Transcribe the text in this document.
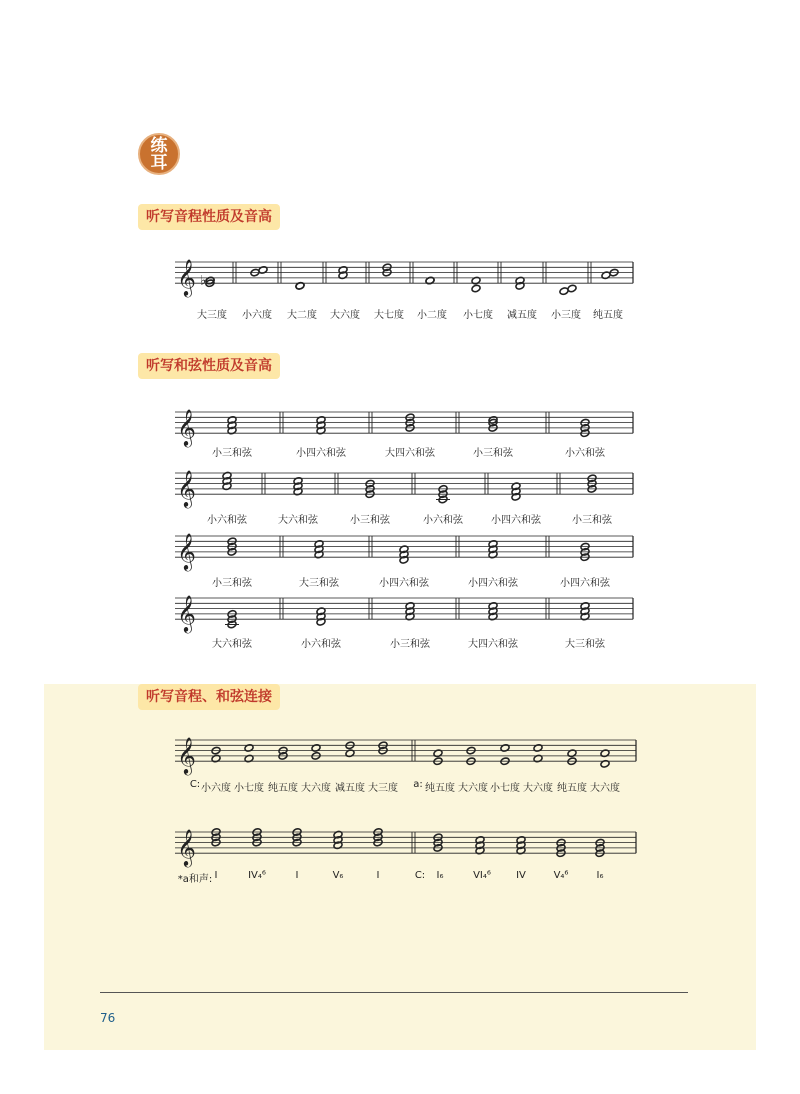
练
耳
听写音程性质及音高
听写和弦性质及音高
听写音程、和弦连接
𝄞 ♭
𝄞
𝄞
𝄞
𝄞
𝄞
𝄞
大三度	小六度	大二度	大六度	大七度	小二度	小七度	减五度	小三度	纯五度
小三和弦	小四六和弦	大四六和弦	小三和弦	小六和弦
小六和弦	大六和弦	小三和弦	小六和弦	小四六和弦	小三和弦
小三和弦	大三和弦	小四六和弦	小四六和弦	小四六和弦
大六和弦	小六和弦	小三和弦	大四六和弦	大三和弦
C: 小六度 小七度 纯五度 大六度 减五度 大三度	a: 纯五度 大六度 小七度 大六度 纯五度 大六度
*a和声: I	IV₄⁶	I	V₆	I	C:	I₆	VI₄⁶	IV	V₄⁶	I₆
76
